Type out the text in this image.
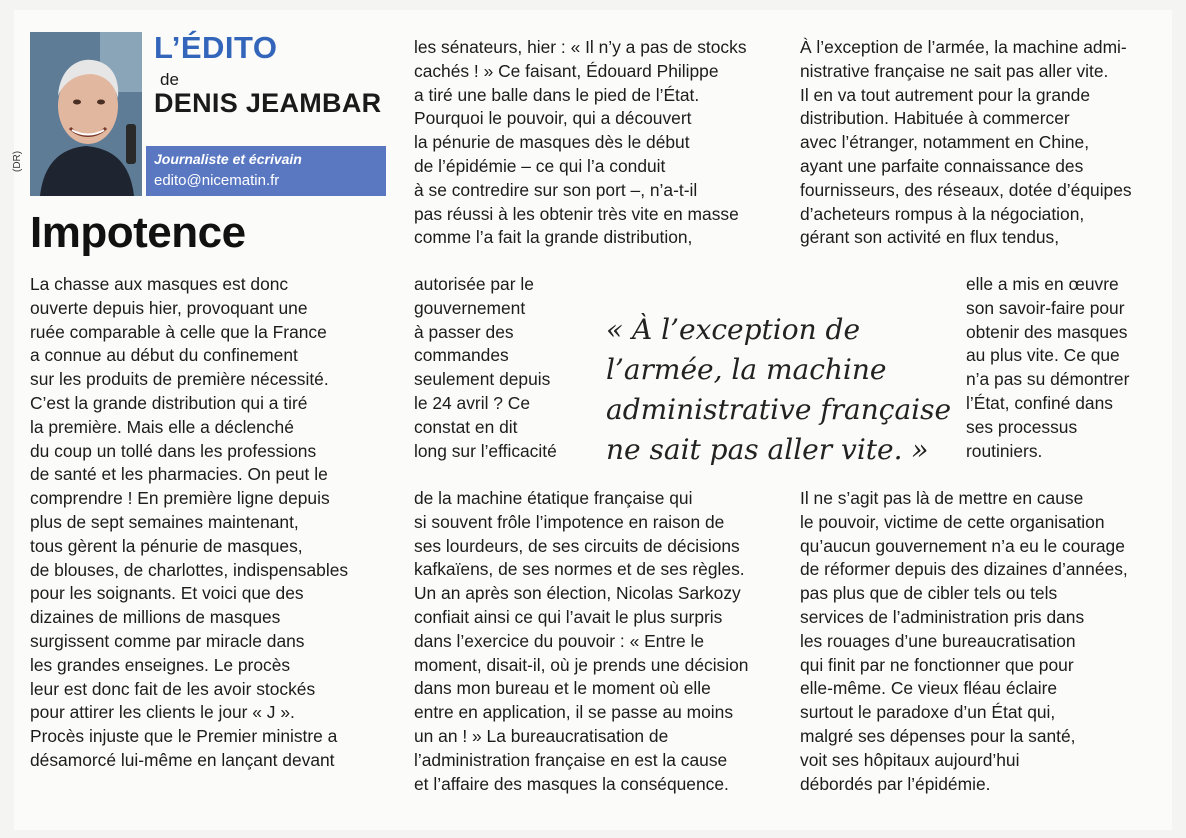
(DR)
L’ÉDITO
de
DENIS JEAMBAR
Journaliste et écrivain
edito@nicematin.fr
Impotence
La chasse aux masques est donc
ouverte depuis hier, provoquant une
ruée comparable à celle que la France
a connue au début du confinement
sur les produits de première nécessité.
C’est la grande distribution qui a tiré
la première. Mais elle a déclenché
du coup un tollé dans les professions
de santé et les pharmacies. On peut le
comprendre ! En première ligne depuis
plus de sept semaines maintenant,
tous gèrent la pénurie de masques,
de blouses, de charlottes, indispensables
pour les soignants. Et voici que des
dizaines de millions de masques
surgissent comme par miracle dans
les grandes enseignes. Le procès
leur est donc fait de les avoir stockés
pour attirer les clients le jour « J ».
Procès injuste que le Premier ministre a
désamorcé lui-même en lançant devant
les sénateurs, hier : « Il n’y a pas de stocks
cachés ! » Ce faisant, Édouard Philippe
a tiré une balle dans le pied de l’État.
Pourquoi le pouvoir, qui a découvert
la pénurie de masques dès le début
de l’épidémie – ce qui l’a conduit
à se contredire sur son port –, n’a-t-il
pas réussi à les obtenir très vite en masse
comme l’a fait la grande distribution,
autorisée par le
gouvernement
à passer des
commandes
seulement depuis
le 24 avril ? Ce
constat en dit
long sur l’efficacité
de la machine étatique française qui
si souvent frôle l’impotence en raison de
ses lourdeurs, de ses circuits de décisions
kafkaïens, de ses normes et de ses règles.
Un an après son élection, Nicolas Sarkozy
confiait ainsi ce qui l’avait le plus surpris
dans l’exercice du pouvoir : « Entre le
moment, disait-il, où je prends une décision
dans mon bureau et le moment où elle
entre en application, il se passe au moins
un an ! » La bureaucratisation de
l’administration française en est la cause
et l’affaire des masques la conséquence.
À l’exception de l’armée, la machine admi-
nistrative française ne sait pas aller vite.
Il en va tout autrement pour la grande
distribution. Habituée à commercer
avec l’étranger, notamment en Chine,
ayant une parfaite connaissance des
fournisseurs, des réseaux, dotée d’équipes
d’acheteurs rompus à la négociation,
gérant son activité en flux tendus,
elle a mis en œuvre
son savoir-faire pour
obtenir des masques
au plus vite. Ce que
n’a pas su démontrer
l’État, confiné dans
ses processus
routiniers.
Il ne s’agit pas là de mettre en cause
le pouvoir, victime de cette organisation
qu’aucun gouvernement n’a eu le courage
de réformer depuis des dizaines d’années,
pas plus que de cibler tels ou tels
services de l’administration pris dans
les rouages d’une bureaucratisation
qui finit par ne fonctionner que pour
elle-même. Ce vieux fléau éclaire
surtout le paradoxe d’un État qui,
malgré ses dépenses pour la santé,
voit ses hôpitaux aujourd’hui
débordés par l’épidémie.
« À l’exception de
l’armée, la machine
administrative française
ne sait pas aller vite. »
